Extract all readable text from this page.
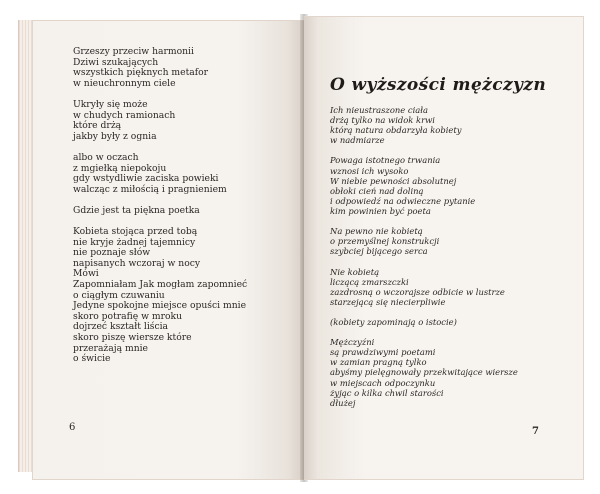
Grzeszy przeciw harmonii
Dziwi szukających
wszystkich pięknych metafor
w nieuchronnym ciele
Ukryły się może
w chudych ramionach
które drżą
jakby były z ognia
albo w oczach
z mgiełką niepokoju
gdy wstydliwie zaciska powieki
walcząc z miłością i pragnieniem
Gdzie jest ta piękna poetka
Kobieta stojąca przed tobą
nie kryje żadnej tajemnicy
nie poznaje słów
napisanych wczoraj w nocy
Mówi
Zapomniałam Jak mogłam zapomnieć
o ciągłym czuwaniu
Jedyne spokojne miejsce opuści mnie
skoro potrafię w mroku
dojrzeć kształt liścia
skoro piszę wiersze które
przerażają mnie
o świcie
6
O wyższości mężczyzn
Ich nieustraszone ciała
drżą tylko na widok krwi
którą natura obdarzyła kobiety
w nadmiarze
Powaga istotnego trwania
wznosi ich wysoko
W niebie pewności absolutnej
obłoki cień nad doliną
i odpowiedź na odwieczne pytanie
kim powinien być poeta
Na pewno nie kobietą
o przemyślnej konstrukcji
szybciej bijącego serca
Nie kobietą
liczącą zmarszczki
zazdrosną o wczorajsze odbicie w lustrze
starzejącą się niecierpliwie
(kobiety zapominają o istocie)
Mężczyźni
są prawdziwymi poetami
w zamian pragną tylko
abyśmy pielęgnowały przekwitające wiersze
w miejscach odpoczynku
żyjąc o kilka chwil starości
dłużej
7
